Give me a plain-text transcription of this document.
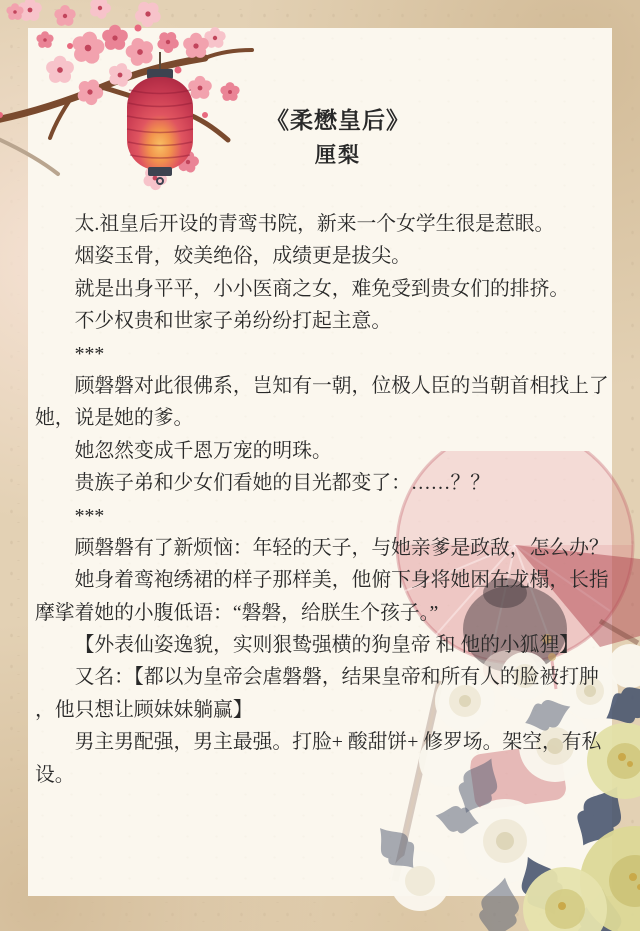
《柔懋皇后》
厘梨
太.祖皇后开设的青鸾书院，新来一个女学生很是惹眼。
烟姿玉骨，姣美绝俗，成绩更是拔尖。
就是出身平平，小小医商之女，难免受到贵女们的排挤。
不少权贵和世家子弟纷纷打起主意。
***
顾磐磐对此很佛系，岂知有一朝，位极人臣的当朝首相找上了
她，说是她的爹。
她忽然变成千恩万宠的明珠。
贵族子弟和少女们看她的目光都变了：……？？
***
顾磐磐有了新烦恼：年轻的天子，与她亲爹是政敌，怎么办？
她身着鸾袍绣裙的样子那样美，他俯下身将她困在龙榻，长指
摩挲着她的小腹低语：“磐磐，给朕生个孩子。”
【外表仙姿逸貌，实则狠鸷强横的狗皇帝 和 他的小狐狸】
又名：【都以为皇帝会虐磐磐，结果皇帝和所有人的脸被打肿
，他只想让顾妹妹躺赢】
男主男配强，男主最强。打脸+ 酸甜饼+ 修罗场。架空，有私
设。
